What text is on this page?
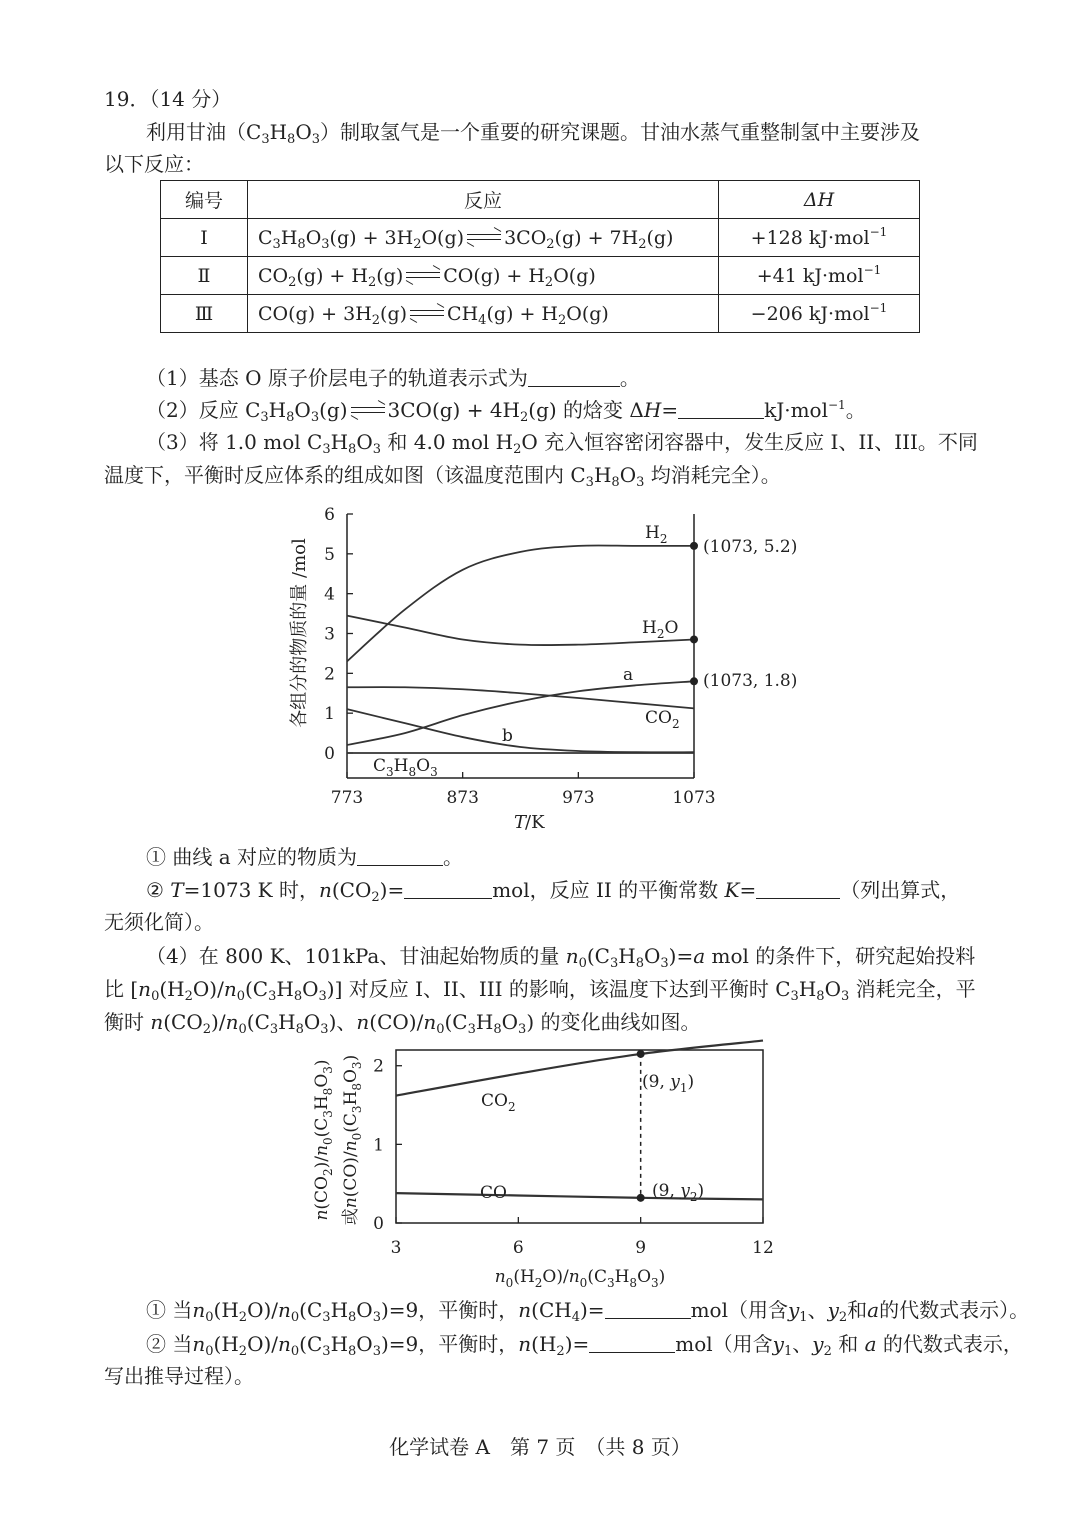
19．（14 分）
利用甘油$(C_3H_8O_3)$制取氢气是一个重要的研究课题。甘油水蒸气重整制氢中主要涉及
以下反应：
编号	反应	ΔH
Ⅰ	$C_3H_8O_3(g) + 3H_2O(g) 3CO_2(g) + 7H_2(g)$	+128 kJ·mol$^{-1}$
Ⅱ	$CO_2(g) + H_2(g) CO(g) + H_2O(g)$	+41 kJ·mol$^{-1}$
Ⅲ	$CO(g) + 3H_2(g) CH_4(g) + H_2O(g)$	−206 kJ·mol$^{-1}$
（1）基态 O 原子价层电子的轨道表示式为	。
（2）反应 $C_3H_8O_3(g) 3CO(g) + 4H_2(g)$ 的焓变 ΔH=	kJ·mol$^{-1}$。
（3）将 1.0 mol $C_3H_8O_3$ 和 4.0 mol $H_2O$ 充入恒容密闭容器中，发生反应 I、II、III。不同
温度下，平衡时反应体系的组成如图（该温度范围内 $C_3H_8O_3$ 均消耗完全）。
0
1
2
3
4
5
6
773	873	973	1073
各组分的物质的量 /mol
T
/K
$H_2$
$H_2O$
a
$CO_2$
b
$C_3H_8O_3$
(1073, 5.2)
(1073, 1.8)
① 曲线 a 对应的物质为	。
② T=1073 K 时，$n(CO_2)=$	mol，反应 II 的平衡常数 K=	（列出算式，
无须化简）。
（4）在 800 K、101kPa、甘油起始物质的量 $n_0(C_3H_8O_3)=a$ mol 的条件下，研究起始投料
比 $[n_0(H_2O)/n_0(C_3H_8O_3)]$ 对反应 I、II、III 的影响，该温度下达到平衡时 $C_3H_8O_3$ 消耗完全，平
衡时 $n(CO_2)/n_0(C_3H_8O_3)$、$n(CO)/n_0(C_3H_8O_3)$ 的变化曲线如图。
0
1
2
3	6	9	12
$n(CO_2)/n_0(C_3H_8O_3)$
或$n(CO)/n_0(C_3H_8O_3)$
$n_0(H_2O)/n_0(C_3H_8O_3)$
$CO_2$
CO
(9, $y_1$)
(9, $y_2$)
① 当$n_0(H_2O)/n_0(C_3H_8O_3)=9$，平衡时，$n(CH_4)=$	mol（用含$y_1$、$y_2$和a的代数式表示）。
② 当$n_0(H_2O)/n_0(C_3H_8O_3)=9$，平衡时，$n(H_2)=$	mol（用含$y_1$、$y_2$ 和 a 的代数式表示，
写出推导过程）。
化学试卷 A　第 7 页　（共 8 页）
